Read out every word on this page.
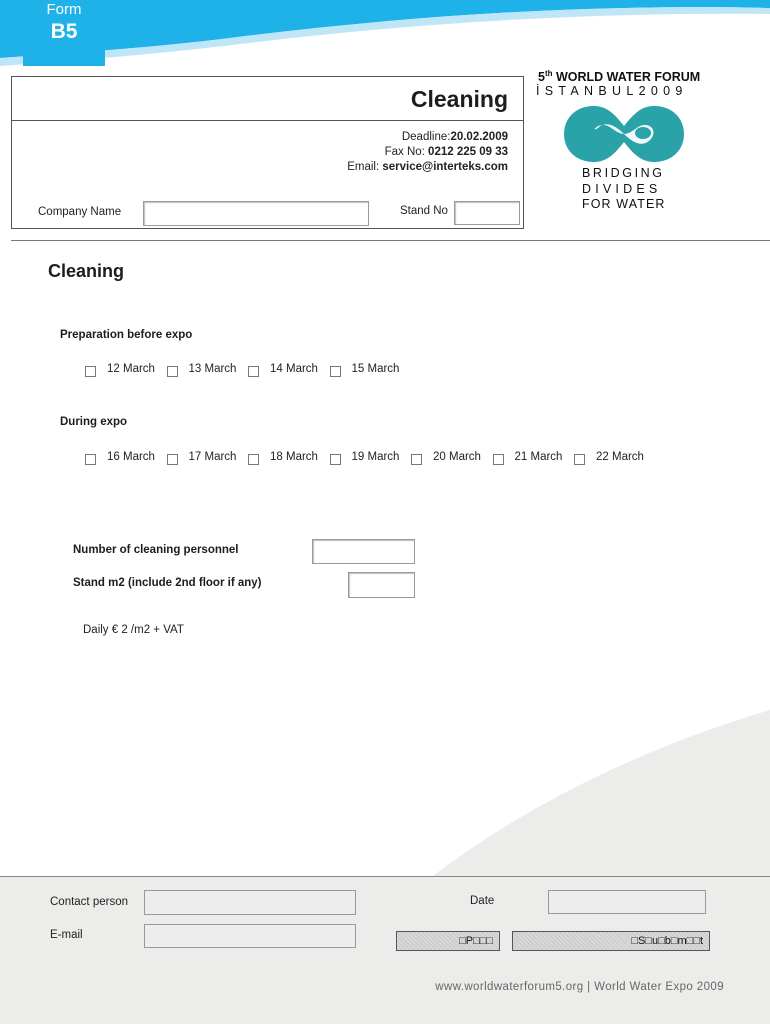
Form
B5
Cleaning
Deadline:20.02.2009
Fax No: 0212 225 09 33
Email: service@interteks.com
Company Name	Stand No
5th WORLD WATER FORUM
İSTANBUL2009
BRIDGING
DIVIDES
FOR WATER
Cleaning
Preparation before expo
12 March	13 March	14 March	15 March
During expo
16 March	17 March	18 March	19 March	20 March	21 March	22 March
Number of cleaning personnel
Stand m2 (include 2nd floor if any)
Daily € 2 /m2 + VAT
Contact person
E-mail
Date
□P□□□	□S□u□b□m□□t
www.worldwaterforum5.org | World Water Expo 2009
